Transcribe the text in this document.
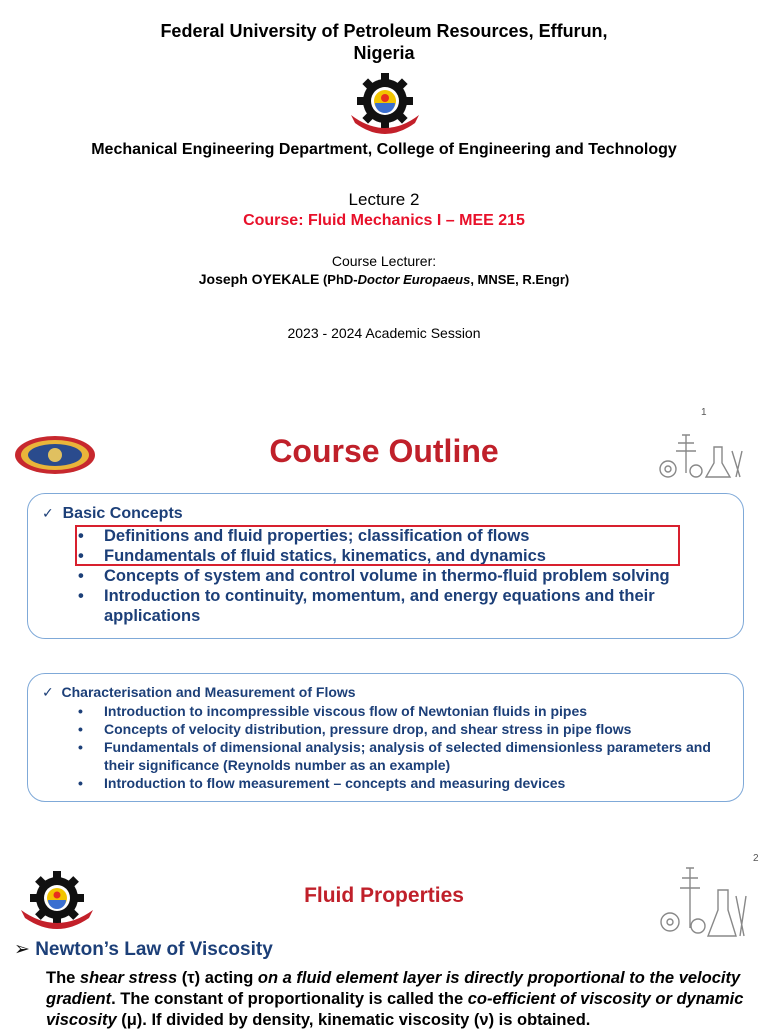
Federal University of Petroleum Resources, Effurun,
Nigeria
Mechanical Engineering Department, College of Engineering and Technology
Lecture 2
Course: Fluid Mechanics I – MEE 215
Course Lecturer:
Joseph OYEKALE (PhD-Doctor Europaeus, MNSE, R.Engr)
2023 - 2024 Academic Session
1
Course Outline
✓ Basic Concepts
• Definitions and fluid properties; classification of flows
• Fundamentals of fluid statics, kinematics, and dynamics
• Concepts of system and control volume in thermo-fluid problem solving
• Introduction to continuity, momentum, and energy equations and their applications
✓ Characterisation and Measurement of Flows
• Introduction to incompressible viscous flow of Newtonian fluids in pipes
• Concepts of velocity distribution, pressure drop, and shear stress in pipe flows
• Fundamentals of dimensional analysis; analysis of selected dimensionless parameters and their significance (Reynolds number as an example)
• Introduction to flow measurement – concepts and measuring devices
2
Fluid Properties
➢ Newton’s Law of Viscosity
The shear stress (τ) acting on a fluid element layer is directly proportional to the velocity gradient. The constant of proportionality is called the co-efficient of viscosity or dynamic viscosity (μ). If divided by density, kinematic viscosity (ν) is obtained.
